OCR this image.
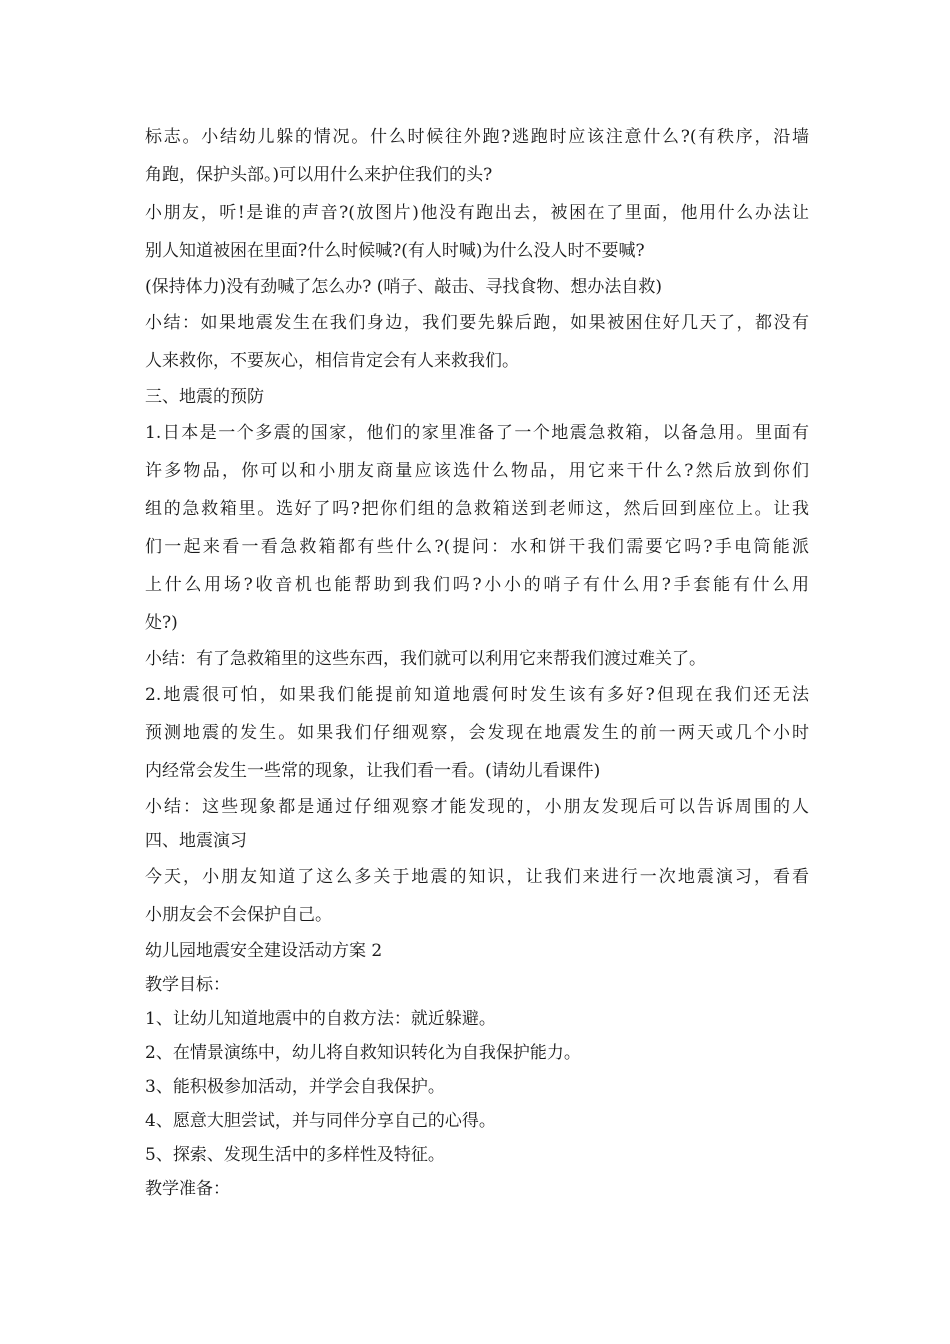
标志。小结幼儿躲的情况。什么时候往外跑?逃跑时应该注意什么?(有秩序，沿墙
角跑，保护头部。)可以用什么来护住我们的头?
小朋友，听!是谁的声音?(放图片)他没有跑出去，被困在了里面，他用什么办法让
别人知道被困在里面?什么时候喊?(有人时喊)为什么没人时不要喊?
(保持体力)没有劲喊了怎么办? (哨子、敲击、寻找食物、想办法自救)
小结：如果地震发生在我们身边，我们要先躲后跑，如果被困住好几天了，都没有
人来救你，不要灰心，相信肯定会有人来救我们。
三、地震的预防
1.日本是一个多震的国家，他们的家里准备了一个地震急救箱，以备急用。里面有
许多物品，你可以和小朋友商量应该选什么物品，用它来干什么?然后放到你们
组的急救箱里。选好了吗?把你们组的急救箱送到老师这，然后回到座位上。让我
们一起来看一看急救箱都有些什么?(提问：水和饼干我们需要它吗?手电筒能派
上什么用场?收音机也能帮助到我们吗?小小的哨子有什么用?手套能有什么用
处?)
小结：有了急救箱里的这些东西，我们就可以利用它来帮我们渡过难关了。
2.地震很可怕，如果我们能提前知道地震何时发生该有多好?但现在我们还无法
预测地震的发生。如果我们仔细观察，会发现在地震发生的前一两天或几个小时
内经常会发生一些常的现象，让我们看一看。(请幼儿看课件)
小结：这些现象都是通过仔细观察才能发现的，小朋友发现后可以告诉周围的人
四、地震演习
今天，小朋友知道了这么多关于地震的知识，让我们来进行一次地震演习，看看
小朋友会不会保护自己。
幼儿园地震安全建设活动方案 2
教学目标：
1、让幼儿知道地震中的自救方法：就近躲避。
2、在情景演练中，幼儿将自救知识转化为自我保护能力。
3、能积极参加活动，并学会自我保护。
4、愿意大胆尝试，并与同伴分享自己的心得。
5、探索、发现生活中的多样性及特征。
教学准备：
